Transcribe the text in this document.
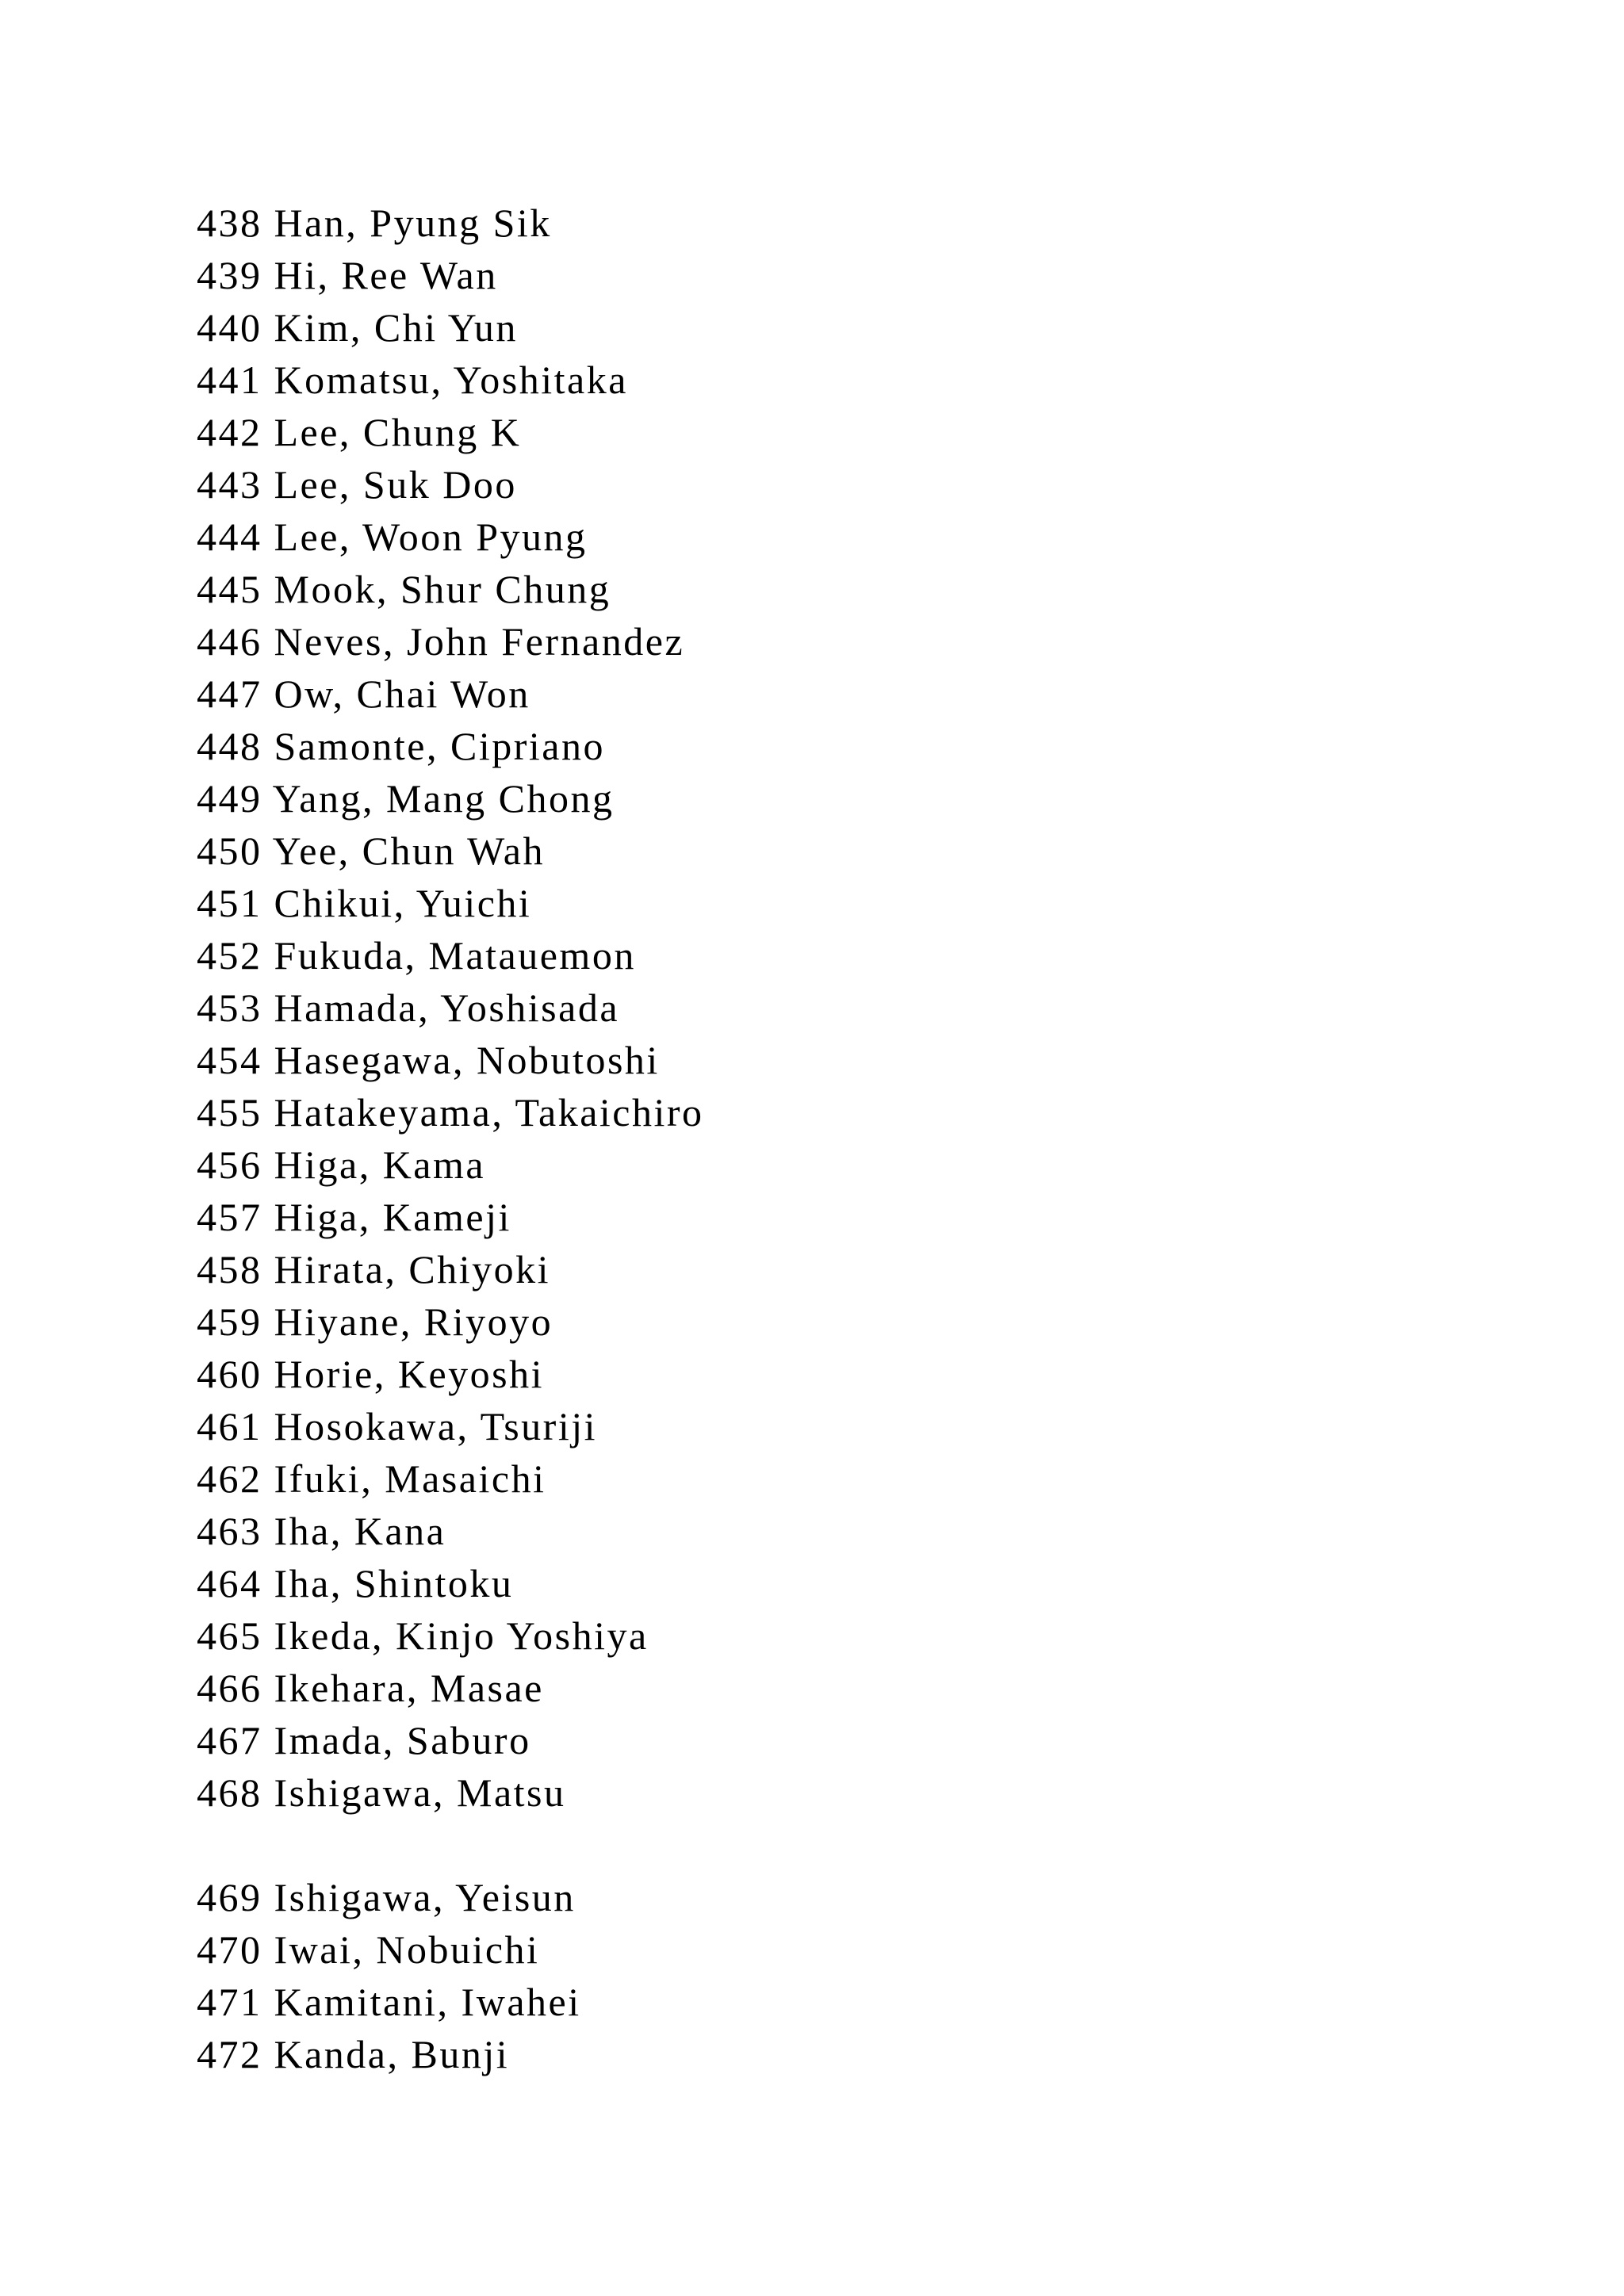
438 Han, Pyung Sik
439 Hi, Ree Wan
440 Kim, Chi Yun
441 Komatsu, Yoshitaka
442 Lee, Chung K
443 Lee, Suk Doo
444 Lee, Woon Pyung
445 Mook, Shur Chung
446 Neves, John Fernandez
447 Ow, Chai Won
448 Samonte, Cipriano
449 Yang, Mang Chong
450 Yee, Chun Wah
451 Chikui, Yuichi
452 Fukuda, Matauemon
453 Hamada, Yoshisada
454 Hasegawa, Nobutoshi
455 Hatakeyama, Takaichiro
456 Higa, Kama
457 Higa, Kameji
458 Hirata, Chiyoki
459 Hiyane, Riyoyo
460 Horie, Keyoshi
461 Hosokawa, Tsuriji
462 Ifuki, Masaichi
463 Iha, Kana
464 Iha, Shintoku
465 Ikeda, Kinjo Yoshiya
466 Ikehara, Masae
467 Imada, Saburo
468 Ishigawa, Matsu
469 Ishigawa, Yeisun
470 Iwai, Nobuichi
471 Kamitani, Iwahei
472 Kanda, Bunji
